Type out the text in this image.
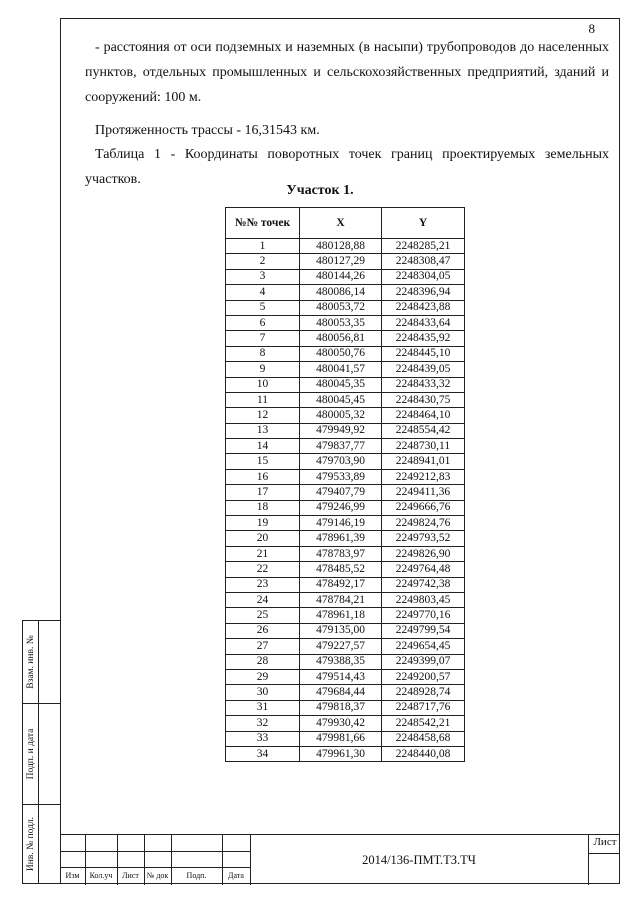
8

- расстояния от оси подземных и наземных (в насыпи) трубопроводов до населенных пунктов, отдельных промышленных и сельскохозяйственных предприятий, зданий и сооружений: 100 м.

Протяженность трассы - 16,31543 км.

Таблица 1 - Координаты поворотных точек границ проектируемых земельных участков.

Участок 1.
№№ точек	X	Y
1	480128,88	2248285,21
2	480127,29	2248308,47
3	480144,26	2248304,05
4	480086,14	2248396,94
5	480053,72	2248423,88
6	480053,35	2248433,64
7	480056,81	2248435,92
8	480050,76	2248445,10
9	480041,57	2248439,05
10	480045,35	2248433,32
11	480045,45	2248430,75
12	480005,32	2248464,10
13	479949,92	2248554,42
14	479837,77	2248730,11
15	479703,90	2248941,01
16	479533,89	2249212,83
17	479407,79	2249411,36
18	479246,99	2249666,76
19	479146,19	2249824,76
20	478961,39	2249793,52
21	478783,97	2249826,90
22	478485,52	2249764,48
23	478492,17	2249742,38
24	478784,21	2249803,45
25	478961,18	2249770,16
26	479135,00	2249799,54
27	479227,57	2249654,45
28	479388,35	2249399,07
29	479514,43	2249200,57
30	479684,44	2248928,74
31	479818,37	2248717,76
32	479930,42	2248542,21
33	479981,66	2248458,68
34	479961,30	2248440,08
Взам. инв. №
Подп. и дата
Инв. № подл.
Изм	Кол.уч	Лист № док	Подп.	Дата
2014/136-ПМТ.ТЗ.ТЧ
Лист
